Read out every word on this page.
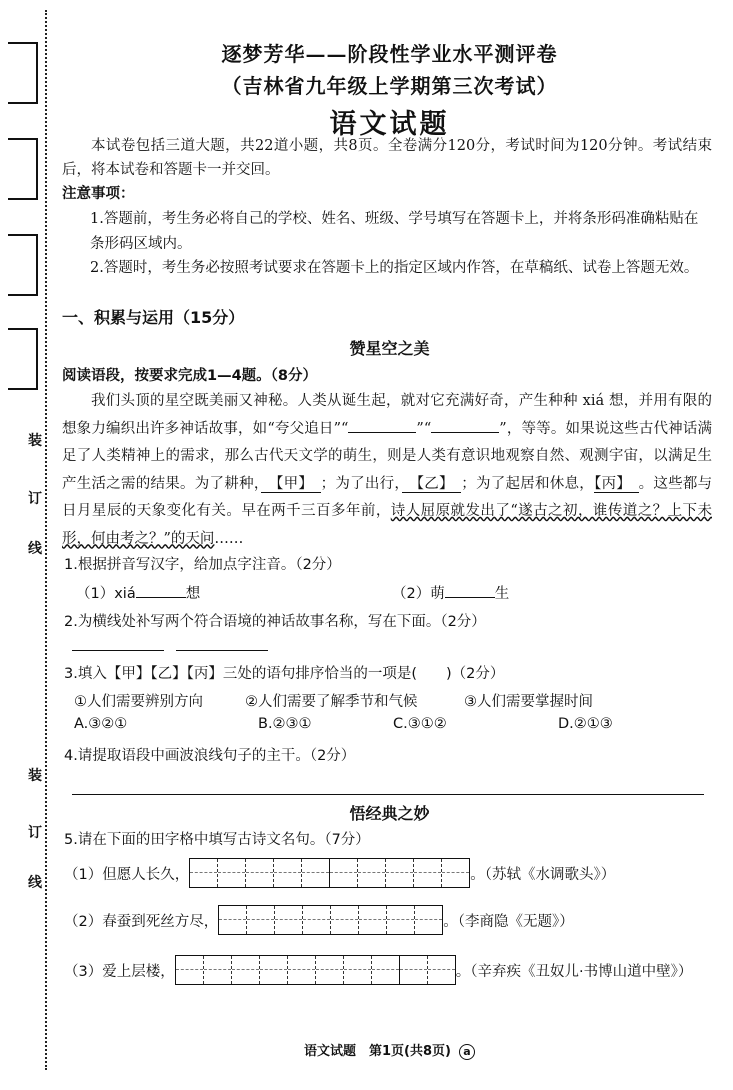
装
订
线
装
订
线
逐梦芳华——阶段性学业水平测评卷
（吉林省九年级上学期第三次考试）
语文试题
本试卷包括三道大题，共22道小题，共8页。全卷满分120分，考试时间为120分钟。考试结束后，将本试卷和答题卡一并交回。
注意事项：
1.答题前，考生务必将自己的学校、姓名、班级、学号填写在答题卡上，并将条形码准确粘贴在条形码区域内。
2.答题时，考生务必按照考试要求在答题卡上的指定区域内作答，在草稿纸、试卷上答题无效。
一、积累与运用（15分）
赞星空之美
阅读语段，按要求完成1—4题。（8分）
我们头顶的星空既美丽又神秘。人类从诞生起，就对它充满好奇，产生种种 xiá 想，并用有限的想象力编织出许多神话故事，如“夸父追日”“	”“	”，等等。如果说这些古代神话满足了人类精神上的需求，那么古代天文学的萌生，则是人类有意识地观察自然、观测宇宙，以满足生产生活之需的结果。为了耕种，　 【甲】　 ；为了出行，　 【乙】　 ；为了起居和休息，【丙】　 。这些都与日月星辰的天象变化有关。早在两千三百多年前，诗人屈原就发出了“遂古之初，谁传道之？上下未形，何由考之？”的天问……
1.根据拼音写汉字，给加点字注音。（2分）
（1）xiá	想	（2）萌	生
2.为横线处补写两个符合语境的神话故事名称，写在下面。（2分）
3.填入【甲】【乙】【丙】三处的语句排序恰当的一项是(　　)（2分）
①人们需要辨别方向	②人们需要了解季节和气候	③人们需要掌握时间
A.③②①	B.②③①	C.③①②	D.②①③
4.请提取语段中画波浪线句子的主干。（2分）
悟经典之妙
5.请在下面的田字格中填写古诗文名句。（7分）
（1）但愿人长久，	。（苏轼《水调歌头》）
（2）春蚕到死丝方尽，	。（李商隐《无题》）
（3）爱上层楼，	。（辛弃疾《丑奴儿·书博山道中壁》）
语文试题　第1页(共8页) a
